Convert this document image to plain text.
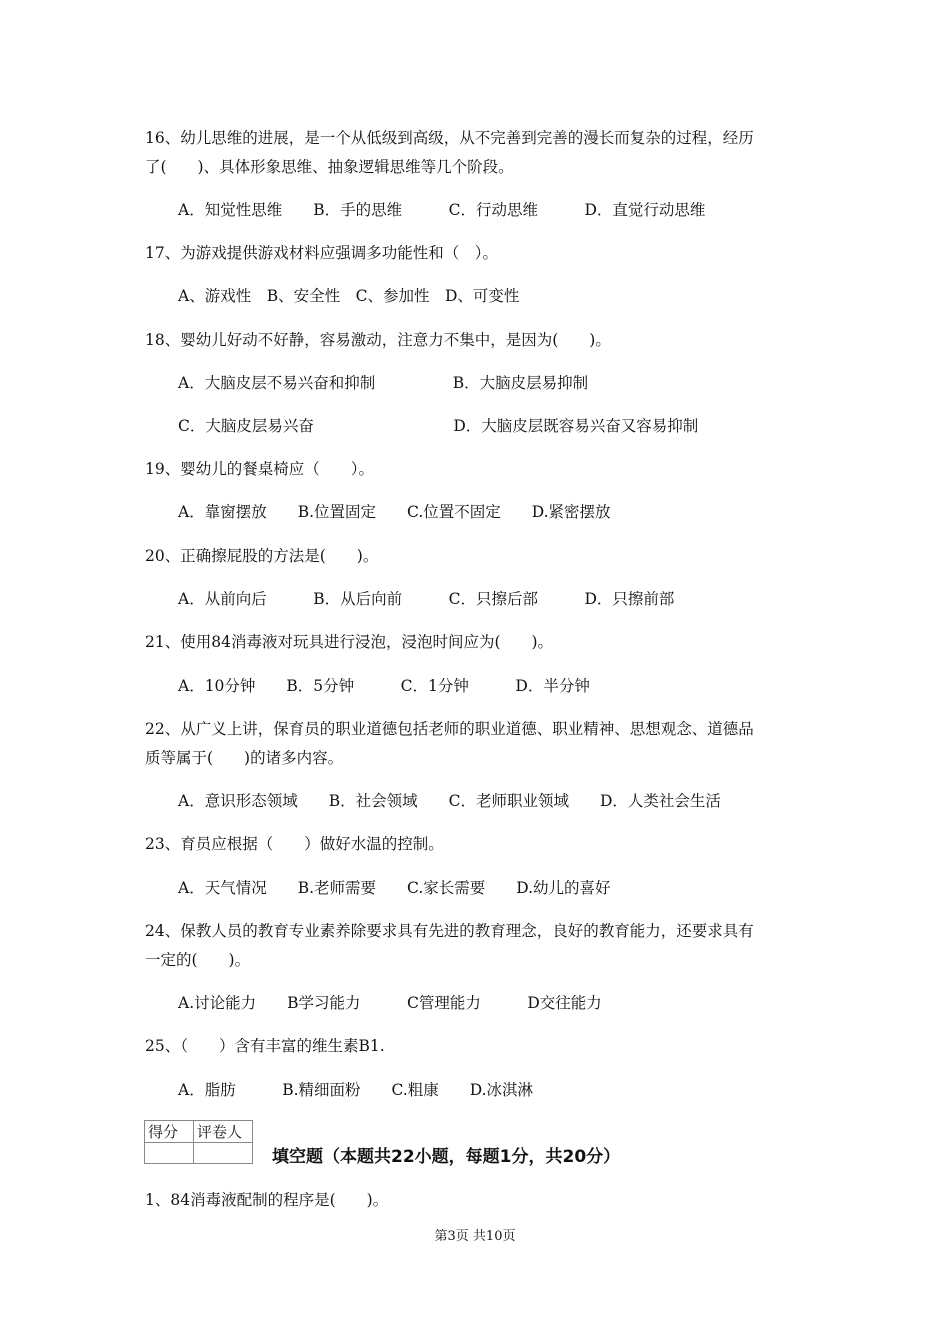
16、幼儿思维的进展，是一个从低级到高级，从不完善到完善的漫长而复杂的过程，经历
了(　　)、具体形象思维、抽象逻辑思维等几个阶段。
A．知觉性思维　　B．手的思维　　　C．行动思维　　　D．直觉行动思维
17、为游戏提供游戏材料应强调多功能性和（　）。
A、游戏性　B、安全性　C、参加性　D、可变性
18、婴幼儿好动不好静，容易激动，注意力不集中，是因为(　　)。
A．大脑皮层不易兴奋和抑制　　　　　B．大脑皮层易抑制
C．大脑皮层易兴奋　　　　　　　　　D．大脑皮层既容易兴奋又容易抑制
19、婴幼儿的餐桌椅应（　　）。
A．靠窗摆放　　B.位置固定　　C.位置不固定　　D.紧密摆放
20、正确擦屁股的方法是(　　)。
A．从前向后　　　B．从后向前　　　C．只擦后部　　　D．只擦前部
21、使用84消毒液对玩具进行浸泡，浸泡时间应为(　　)。
A．10分钟　　B．5分钟　　　C．1分钟　　　D．半分钟
22、从广义上讲，保育员的职业道德包括老师的职业道德、职业精神、思想观念、道德品
质等属于(　　)的诸多内容。
A．意识形态领域　　B．社会领域　　C．老师职业领域　　D．人类社会生活
23、育员应根据（　　）做好水温的控制。
A．天气情况　　B.老师需要　　C.家长需要　　D.幼儿的喜好
24、保教人员的教育专业素养除要求具有先进的教育理念，良好的教育能力，还要求具有
一定的(　　)。
A.讨论能力　　B学习能力　　　C管理能力　　　D交往能力
25、（　　）含有丰富的维生素B1.
A．脂肪　　　B.精细面粉　　C.粗康　　D.冰淇淋
得分	评卷人

填空题（本题共22小题，每题1分，共20分）
1、84消毒液配制的程序是(　　)。
第3页 共10页
